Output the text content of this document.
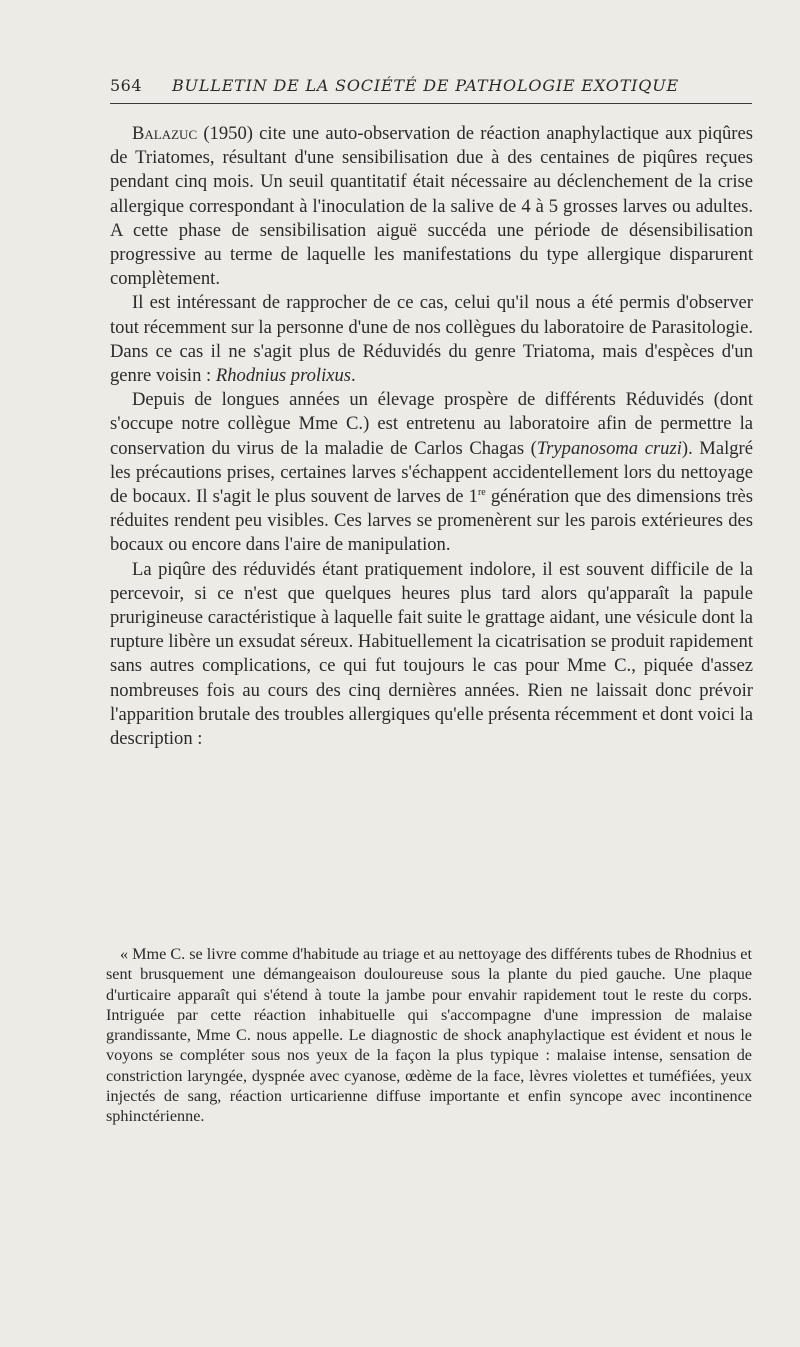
564 BULLETIN DE LA SOCIÉTÉ DE PATHOLOGIE EXOTIQUE

Balazuc (1950) cite une auto-observation de réaction anaphylactique aux piqûres de Triatomes, résultant d'une sensibilisation due à des centaines de piqûres reçues pendant cinq mois. Un seuil quantitatif était nécessaire au déclenchement de la crise allergique correspondant à l'inoculation de la salive de 4 à 5 grosses larves ou adultes. A cette phase de sensibilisation aiguë succéda une période de désensibilisation progressive au terme de laquelle les manifestations du type allergique disparurent complètement.

Il est intéressant de rapprocher de ce cas, celui qu'il nous a été permis d'observer tout récemment sur la personne d'une de nos collègues du laboratoire de Parasitologie. Dans ce cas il ne s'agit plus de Réduvidés du genre Triatoma, mais d'espèces d'un genre voisin : Rhodnius prolixus.

Depuis de longues années un élevage prospère de différents Réduvidés (dont s'occupe notre collègue Mme C.) est entretenu au laboratoire afin de permettre la conservation du virus de la maladie de Carlos Chagas (Trypanosoma cruzi). Malgré les précautions prises, certaines larves s'échappent accidentellement lors du nettoyage de bocaux. Il s'agit le plus souvent de larves de 1re génération que des dimensions très réduites rendent peu visibles. Ces larves se promenèrent sur les parois extérieures des bocaux ou encore dans l'aire de manipulation.

La piqûre des réduvidés étant pratiquement indolore, il est souvent difficile de la percevoir, si ce n'est que quelques heures plus tard alors qu'apparaît la papule prurigineuse caractéristique à laquelle fait suite le grattage aidant, une vésicule dont la rupture libère un exsudat séreux. Habituellement la cicatrisation se produit rapidement sans autres complications, ce qui fut toujours le cas pour Mme C., piquée d'assez nombreuses fois au cours des cinq dernières années. Rien ne laissait donc prévoir l'apparition brutale des troubles allergiques qu'elle présenta récemment et dont voici la description :

« Mme C. se livre comme d'habitude au triage et au nettoyage des différents tubes de Rhodnius et sent brusquement une démangeaison douloureuse sous la plante du pied gauche. Une plaque d'urticaire apparaît qui s'étend à toute la jambe pour envahir rapidement tout le reste du corps. Intriguée par cette réaction inhabituelle qui s'accompagne d'une impression de malaise grandissante, Mme C. nous appelle. Le diagnostic de shock anaphylactique est évident et nous le voyons se compléter sous nos yeux de la façon la plus typique : malaise intense, sensation de constriction laryngée, dyspnée avec cyanose, œdème de la face, lèvres violettes et tuméfiées, yeux injectés de sang, réaction urticarienne diffuse importante et enfin syncope avec incontinence sphinctérienne.
